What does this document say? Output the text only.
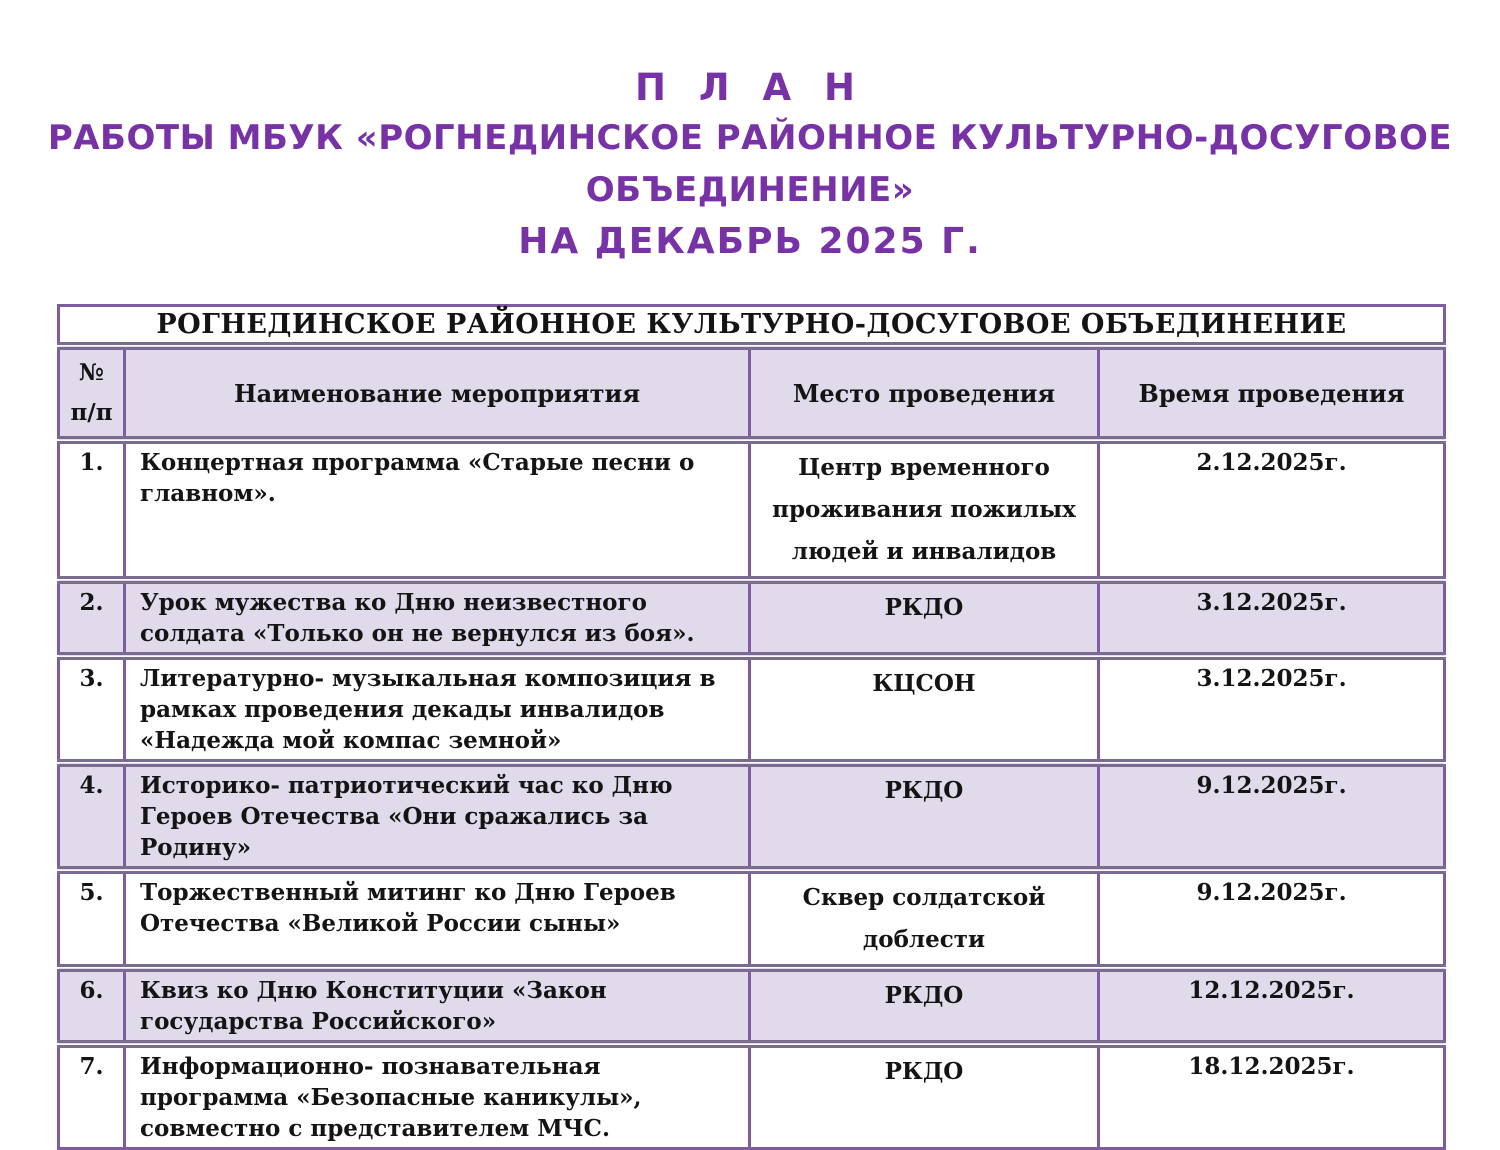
П Л А Н
РАБОТЫ МБУК «РОГНЕДИНСКОЕ РАЙОННОЕ КУЛЬТУРНО-ДОСУГОВОЕ ОБЪЕДИНЕНИЕ»
НА ДЕКАБРЬ 2025 Г.
РОГНЕДИНСКОЕ РАЙОННОЕ КУЛЬТУРНО-ДОСУГОВОЕ ОБЪЕДИНЕНИЕ			

№
п/п	Наименование мероприятия	Место проведения	Время проведения
1.	Концертная программа «Старые песни о главном».	Центр временного проживания пожилых людей и инвалидов	2.12.2025г.
2.	Урок мужества ко Дню неизвестного солдата «Только он не вернулся из боя».	РКДО	3.12.2025г.
3.	Литературно- музыкальная композиция в рамках проведения декады инвалидов «Надежда мой компас земной»	КЦСОН	3.12.2025г.
4.	Историко- патриотический час ко Дню Героев Отечества «Они сражались за Родину»	РКДО	9.12.2025г.
5.	Торжественный митинг ко Дню Героев Отечества «Великой России сыны»	Сквер солдатской доблести	9.12.2025г.
6.	Квиз ко Дню Конституции «Закон государства Российского»	РКДО	12.12.2025г.
7.	Информационно- познавательная программа «Безопасные каникулы», совместно с представителем МЧС.	РКДО	18.12.2025г.
